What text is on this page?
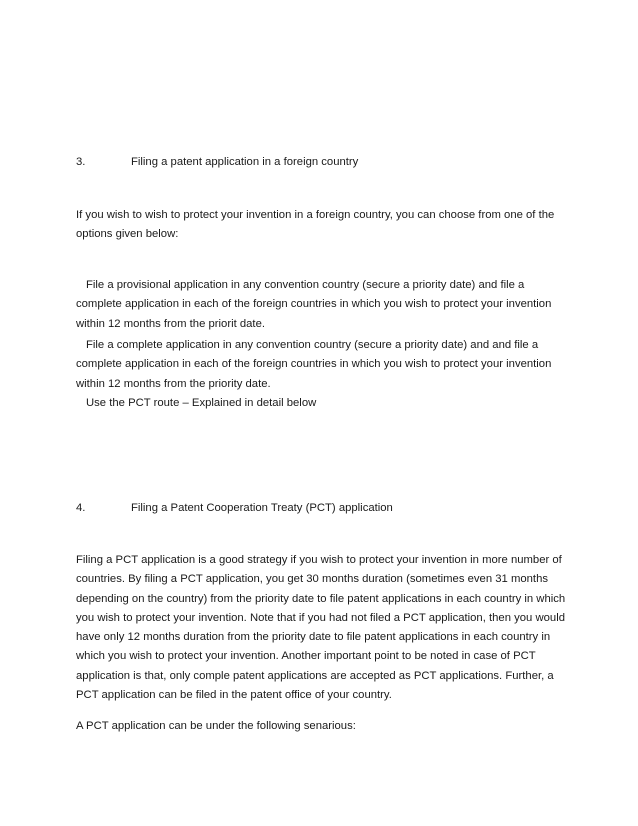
3.	Filing a patent application in a foreign country

If you wish to wish to protect your invention in a foreign country, you can choose from one of the options given below:

File a provisional application in any convention country (secure a priority date) and file a complete application in each of the foreign countries in which you wish to protect your invention within 12 months from the priorit date.

File a complete application in any convention country (secure a priority date) and and file a complete application in each of the foreign countries in which you wish to protect your invention within 12 months from the priority date.

Use the PCT route – Explained in detail below

4.	Filing a Patent Cooperation Treaty (PCT) application

Filing a PCT application is a good strategy if you wish to protect your invention in more number of countries. By filing a PCT application, you get 30 months duration (sometimes even 31 months depending on the country) from the priority date to file patent applications in each country in which you wish to protect your invention. Note that if you had not filed a PCT application, then you would have only 12 months duration from the priority date to file patent applications in each country in which you wish to protect your invention. Another important point to be noted in case of PCT application is that, only comple patent applications are accepted as PCT applications. Further, a PCT application can be filed in the patent office of your country.

A PCT application can be under the following senarious:
